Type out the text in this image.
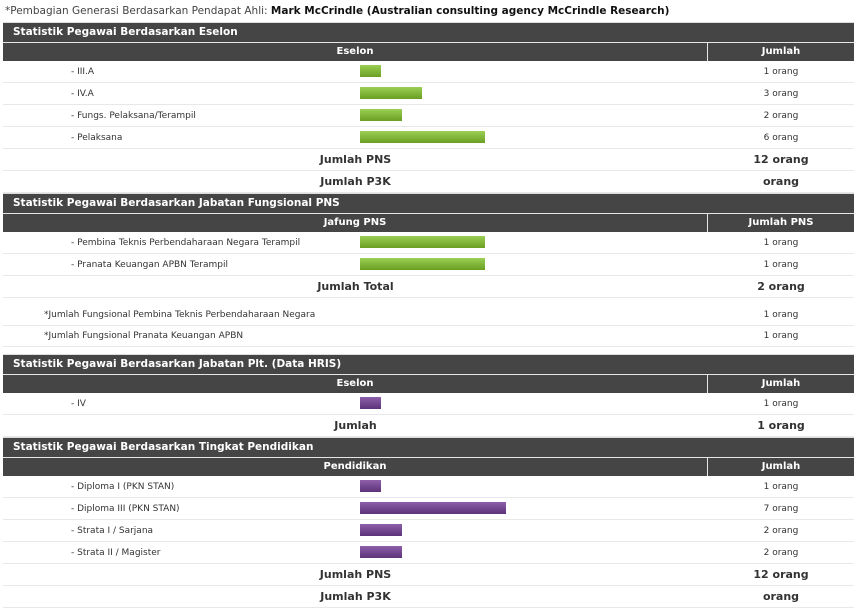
*Pembagian Generasi Berdasarkan Pendapat Ahli: Mark McCrindle (Australian consulting agency McCrindle Research)
Statistik Pegawai Berdasarkan Eselon
Eselon	Jumlah
- III.A	1 orang
- IV.A	3 orang
- Fungs. Pelaksana/Terampil	2 orang
- Pelaksana	6 orang
Jumlah PNS	12 orang
Jumlah P3K	orang
Statistik Pegawai Berdasarkan Jabatan Fungsional PNS
Jafung PNS	Jumlah PNS
- Pembina Teknis Perbendaharaan Negara Terampil	1 orang
- Pranata Keuangan APBN Terampil	1 orang
Jumlah Total	2 orang
*Jumlah Fungsional Pembina Teknis Perbendaharaan Negara	1 orang
*Jumlah Fungsional Pranata Keuangan APBN	1 orang
Statistik Pegawai Berdasarkan Jabatan Plt. (Data HRIS)
Eselon	Jumlah
- IV	1 orang
Jumlah	1 orang
Statistik Pegawai Berdasarkan Tingkat Pendidikan
Pendidikan	Jumlah
- Diploma I (PKN STAN)	1 orang
- Diploma III (PKN STAN)	7 orang
- Strata I / Sarjana	2 orang
- Strata II / Magister	2 orang
Jumlah PNS	12 orang
Jumlah P3K	orang
